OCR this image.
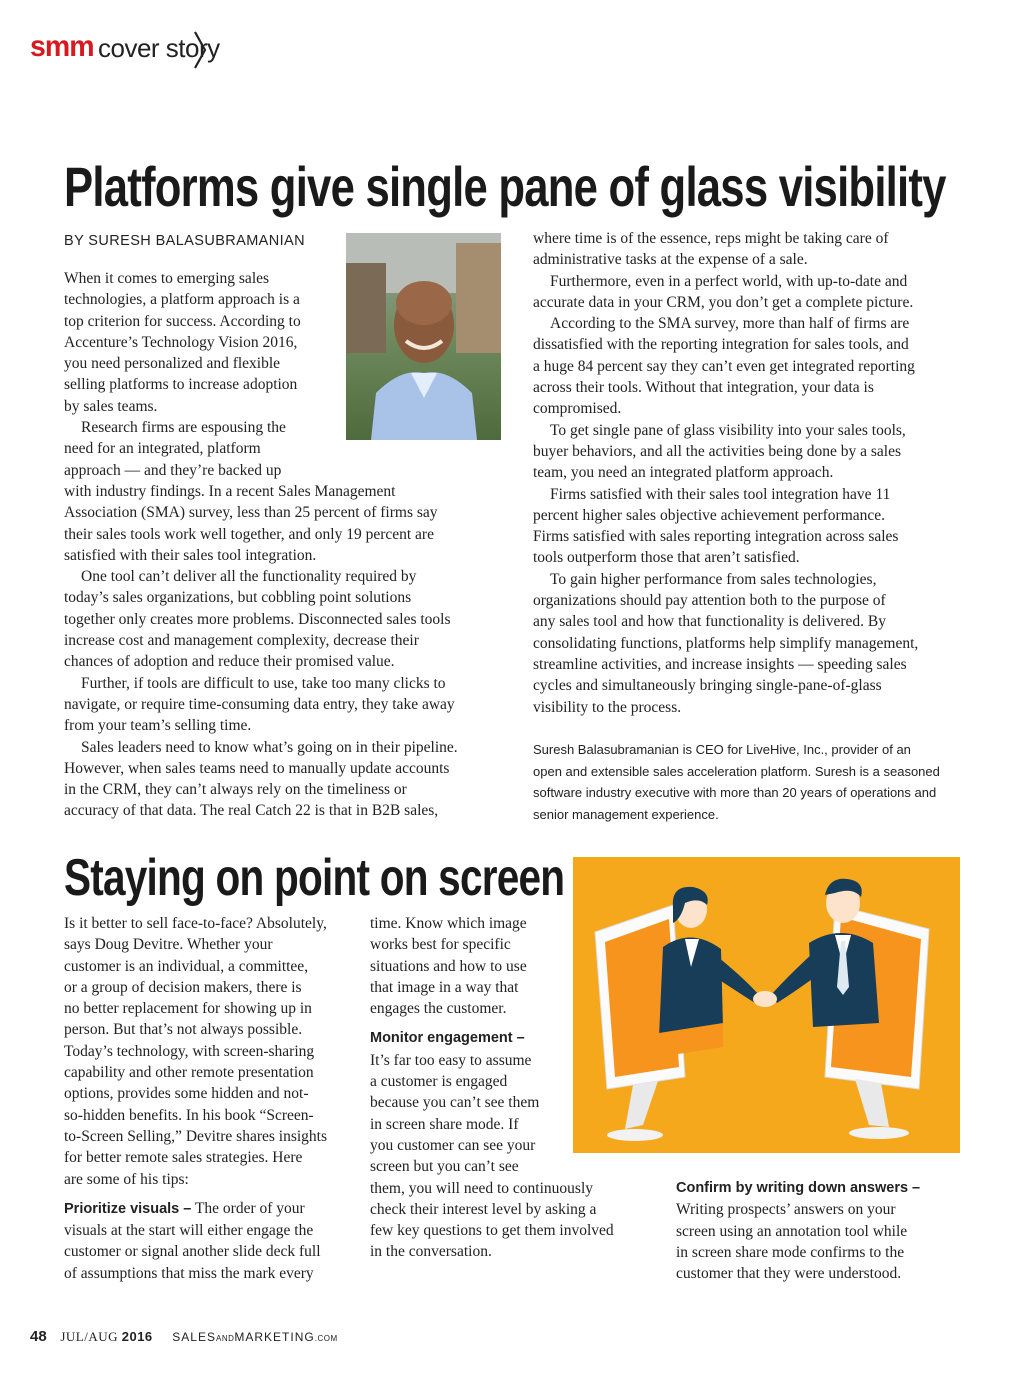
smm cover story
Platforms give single pane of glass visibility
BY SURESH BALASUBRAMANIAN

When it comes to emerging sales

technologies, a platform approach is a

top criterion for success. According to

Accenture’s Technology Vision 2016,

you need personalized and flexible

selling platforms to increase adoption

by sales teams.

Research firms are espousing the

need for an integrated, platform

approach — and they’re backed up

with industry findings. In a recent Sales Management

Association (SMA) survey, less than 25 percent of firms say

their sales tools work well together, and only 19 percent are

satisfied with their sales tool integration.

One tool can’t deliver all the functionality required by

today’s sales organizations, but cobbling point solutions

together only creates more problems. Disconnected sales tools

increase cost and management complexity, decrease their

chances of adoption and reduce their promised value.

Further, if tools are difficult to use, take too many clicks to

navigate, or require time-consuming data entry, they take away

from your team’s selling time.

Sales leaders need to know what’s going on in their pipeline.

However, when sales teams need to manually update accounts

in the CRM, they can’t always rely on the timeliness or

accuracy of that data. The real Catch 22 is that in B2B sales,

where time is of the essence, reps might be taking care of

administrative tasks at the expense of a sale.

Furthermore, even in a perfect world, with up-to-date and

accurate data in your CRM, you don’t get a complete picture.

According to the SMA survey, more than half of firms are

dissatisfied with the reporting integration for sales tools, and

a huge 84 percent say they can’t even get integrated reporting

across their tools. Without that integration, your data is

compromised.

To get single pane of glass visibility into your sales tools,

buyer behaviors, and all the activities being done by a sales

team, you need an integrated platform approach.

Firms satisfied with their sales tool integration have 11

percent higher sales objective achievement performance.

Firms satisfied with sales reporting integration across sales

tools outperform those that aren’t satisfied.

To gain higher performance from sales technologies,

organizations should pay attention both to the purpose of

any sales tool and how that functionality is delivered. By

consolidating functions, platforms help simplify management,

streamline activities, and increase insights — speeding sales

cycles and simultaneously bringing single-pane-of-glass

visibility to the process.

Suresh Balasubramanian is CEO for LiveHive, Inc., provider of an
open and extensible sales acceleration platform. Suresh is a seasoned
software industry executive with more than 20 years of operations and
senior management experience.
Staying on point on screen

Is it better to sell face-to-face? Absolutely,

says Doug Devitre. Whether your

customer is an individual, a committee,

or a group of decision makers, there is

no better replacement for showing up in

person. But that’s not always possible.

Today’s technology, with screen-sharing

capability and other remote presentation

options, provides some hidden and not-

so-hidden benefits. In his book “Screen-

to-Screen Selling,” Devitre shares insights

for better remote sales strategies. Here

are some of his tips:

Prioritize visuals – The order of your

visuals at the start will either engage the

customer or signal another slide deck full

of assumptions that miss the mark every

time. Know which image

works best for specific

situations and how to use

that image in a way that

engages the customer.

Monitor engagement –

It’s far too easy to assume

a customer is engaged

because you can’t see them

in screen share mode. If

you customer can see your

screen but you can’t see

them, you will need to continuously

check their interest level by asking a

few key questions to get them involved

in the conversation.

Confirm by writing down answers –

Writing prospects’ answers on your

screen using an annotation tool while

in screen share mode confirms to the

customer that they were understood.

48 JUL/AUG 2016 SALESANDMARKETING.COM
